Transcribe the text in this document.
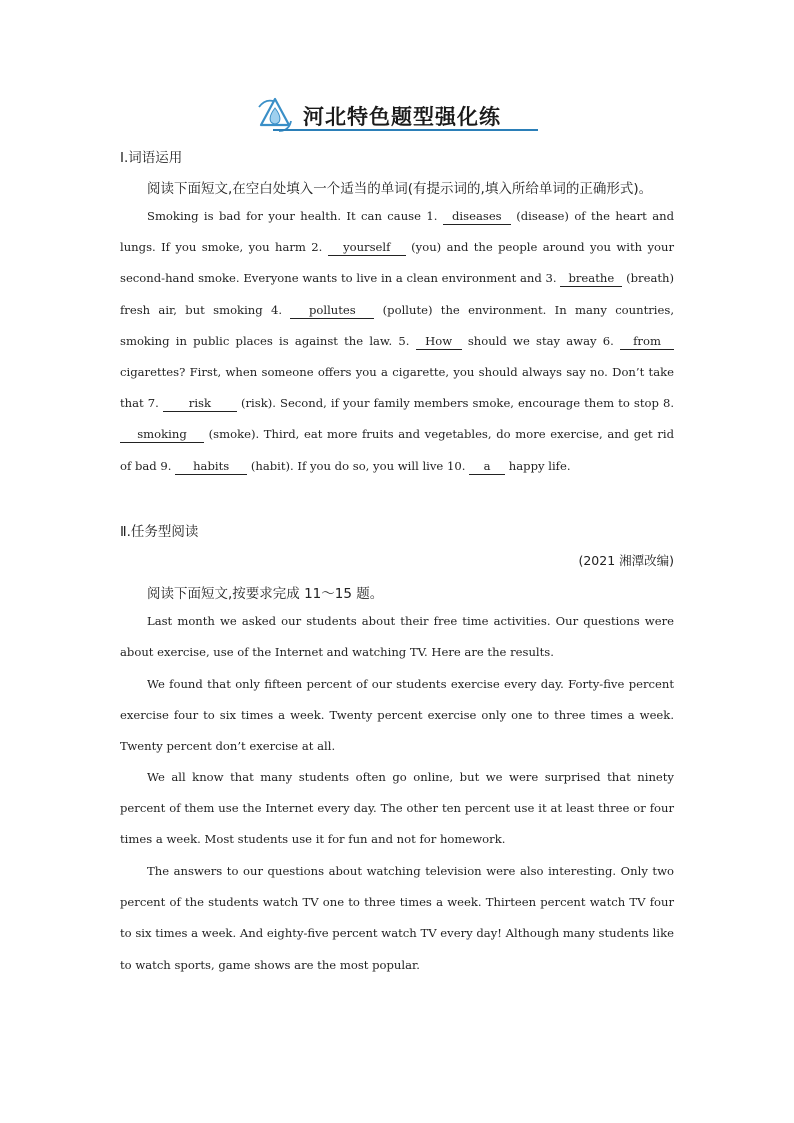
河北特色题型强化练
Ⅰ.词语运用
阅读下面短文,在空白处填入一个适当的单词(有提示词的,填入所给单词的正确形式)。

Smoking is bad for your health. It can cause 1. diseases (disease) of the heart and lungs. If you smoke, you harm 2. yourself (you) and the people around you with your second-hand smoke. Everyone wants to live in a clean environment and 3. breathe (breath) fresh air, but smoking 4. pollutes (pollute) the environment. In many countries, smoking in public places is against the law. 5. How should we stay away 6. from cigarettes? First, when someone offers you a cigarette, you should always say no. Don’t take that 7.	risk	(risk). Second, if your family members smoke, encourage them to stop 8. smoking (smoke). Third, eat more fruits and vegetables, do more exercise, and get rid of bad 9. habits (habit). If you do so, you will live 10. a happy life.

Ⅱ.任务型阅读
(2021 湘潭改编)
阅读下面短文,按要求完成 11～15 题。

Last month we asked our students about their free time activities. Our questions were about exercise, use of the Internet and watching TV. Here are the results.

We found that only fifteen percent of our students exercise every day. Forty-five percent exercise four to six times a week. Twenty percent exercise only one to three times a week. Twenty percent don’t exercise at all.

We all know that many students often go online, but we were surprised that ninety percent of them use the Internet every day. The other ten percent use it at least three or four times a week. Most students use it for fun and not for homework.

The answers to our questions about watching television were also interesting. Only two percent of the students watch TV one to three times a week. Thirteen percent watch TV four to six times a week. And eighty-five percent watch TV every day! Although many students like to watch sports, game shows are the most popular.
